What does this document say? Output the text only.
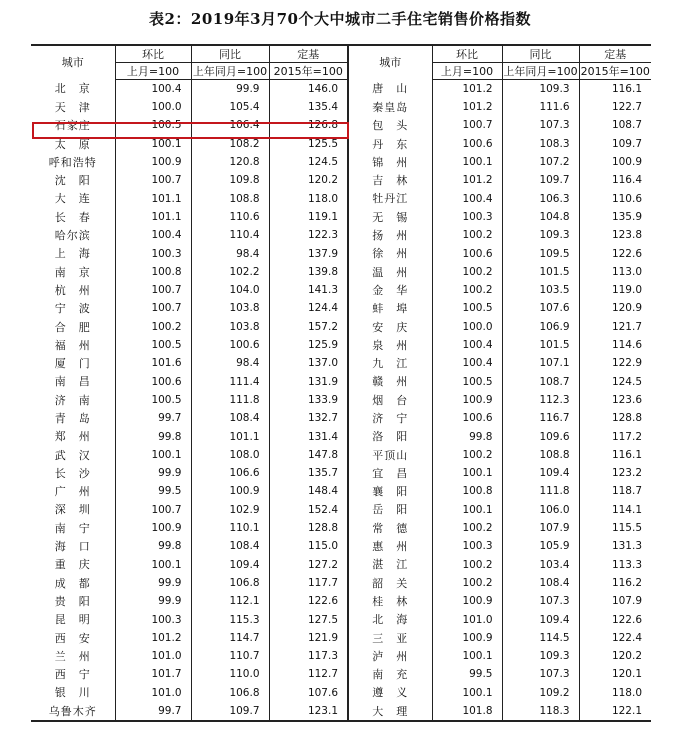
表2：2019年3月70个大中城市二手住宅销售价格指数
城市	环比	同比	定基	城市	环比	同比	定基
	上月=100	上年同月=100	2015年=100		上月=100	上年同月=100	2015年=100
北　京	100.4	99.9	146.0	唐　山	101.2	109.3	116.1
天　津	100.0	105.4	135.4	秦皇岛	101.2	111.6	122.7
石家庄	100.5	106.4	126.8	包　头	100.7	107.3	108.7
太　原	100.1	108.2	125.5	丹　东	100.6	108.3	109.7
呼和浩特	100.9	120.8	124.5	锦　州	100.1	107.2	100.9
沈　阳	100.7	109.8	120.2	吉　林	101.2	109.7	116.4
大　连	101.1	108.8	118.0	牡丹江	100.4	106.3	110.6
长　春	101.1	110.6	119.1	无　锡	100.3	104.8	135.9
哈尔滨	100.4	110.4	122.3	扬　州	100.2	109.3	123.8
上　海	100.3	98.4	137.9	徐　州	100.6	109.5	122.6
南　京	100.8	102.2	139.8	温　州	100.2	101.5	113.0
杭　州	100.7	104.0	141.3	金　华	100.2	103.5	119.0
宁　波	100.7	103.8	124.4	蚌　埠	100.5	107.6	120.9
合　肥	100.2	103.8	157.2	安　庆	100.0	106.9	121.7
福　州	100.5	100.6	125.9	泉　州	100.4	101.5	114.6
厦　门	101.6	98.4	137.0	九　江	100.4	107.1	122.9
南　昌	100.6	111.4	131.9	赣　州	100.5	108.7	124.5
济　南	100.5	111.8	133.9	烟　台	100.9	112.3	123.6
青　岛	99.7	108.4	132.7	济　宁	100.6	116.7	128.8
郑　州	99.8	101.1	131.4	洛　阳	99.8	109.6	117.2
武　汉	100.1	108.0	147.8	平顶山	100.2	108.8	116.1
长　沙	99.9	106.6	135.7	宜　昌	100.1	109.4	123.2
广　州	99.5	100.9	148.4	襄　阳	100.8	111.8	118.7
深　圳	100.7	102.9	152.4	岳　阳	100.1	106.0	114.1
南　宁	100.9	110.1	128.8	常　德	100.2	107.9	115.5
海　口	99.8	108.4	115.0	惠　州	100.3	105.9	131.3
重　庆	100.1	109.4	127.2	湛　江	100.2	103.4	113.3
成　都	99.9	106.8	117.7	韶　关	100.2	108.4	116.2
贵　阳	99.9	112.1	122.6	桂　林	100.9	107.3	107.9
昆　明	100.3	115.3	127.5	北　海	101.0	109.4	122.6
西　安	101.2	114.7	121.9	三　亚	100.9	114.5	122.4
兰　州	101.0	110.7	117.3	泸　州	100.1	109.3	120.2
西　宁	101.7	110.0	112.7	南　充	99.5	107.3	120.1
银　川	101.0	106.8	107.6	遵　义	100.1	109.2	118.0
乌鲁木齐	99.7	109.7	123.1	大　理	101.8	118.3	122.1
